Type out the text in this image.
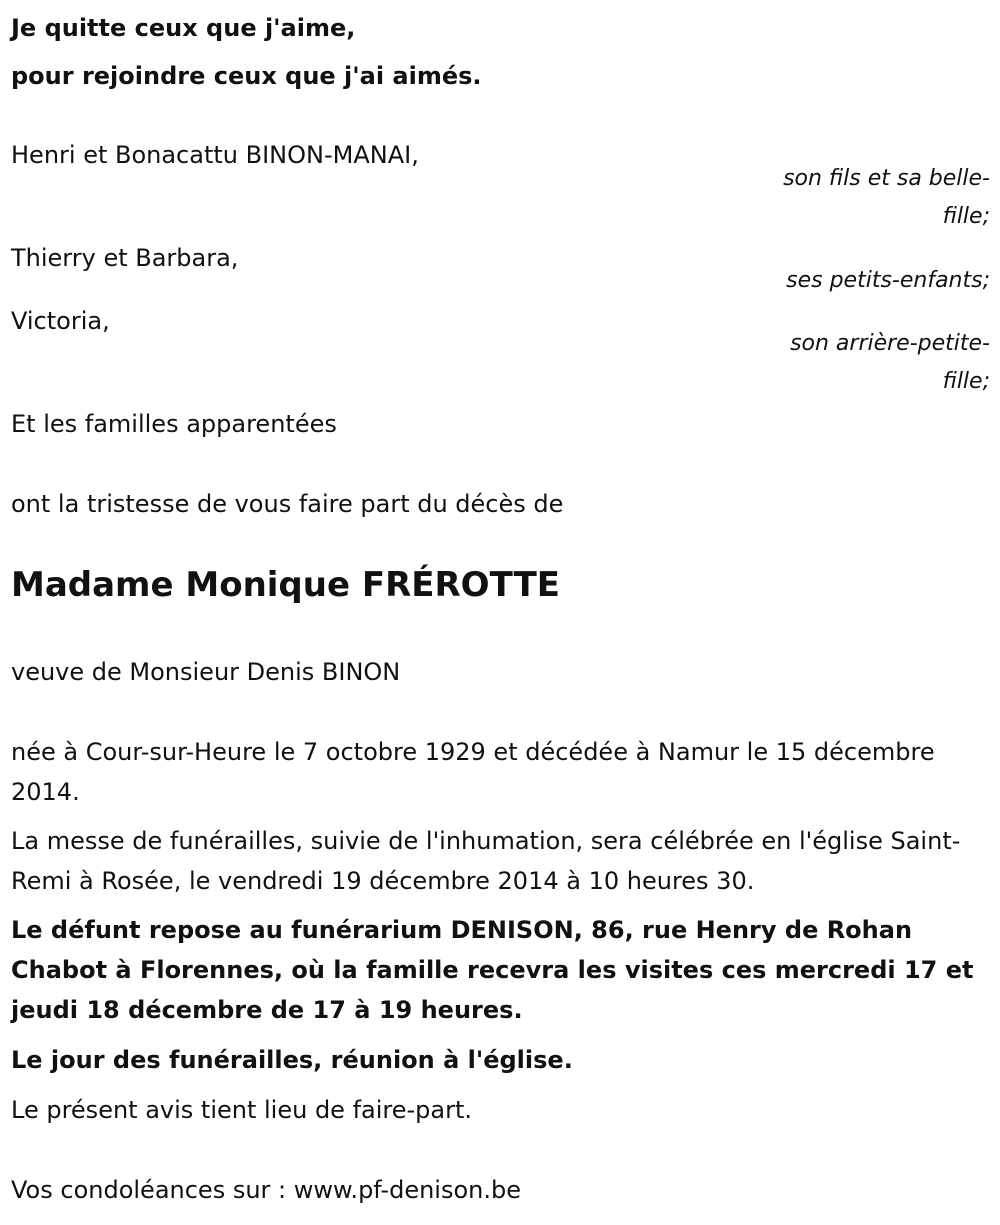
Je quitte ceux que j'aime,

pour rejoindre ceux que j'ai aimés.

Henri et Bonacattu BINON-MANAI,

son fils et sa belle-fille;

Thierry et Barbara,

ses petits-enfants;

Victoria,

son arrière-petite-fille;

Et les familles apparentées

ont la tristesse de vous faire part du décès de

Madame Monique FRÉROTTE

veuve de Monsieur Denis BINON

née à Cour-sur-Heure le 7 octobre 1929 et décédée à Namur le 15 décembre 2014.

La messe de funérailles, suivie de l'inhumation, sera célébrée en l'église Saint-Remi à Rosée, le vendredi 19 décembre 2014 à 10 heures 30.

Le défunt repose au funérarium DENISON, 86, rue Henry de Rohan Chabot à Florennes, où la famille recevra les visites ces mercredi 17 et jeudi 18 décembre de 17 à 19 heures.

Le jour des funérailles, réunion à l'église.

Le présent avis tient lieu de faire-part.

Vos condoléances sur : www.pf-denison.be
